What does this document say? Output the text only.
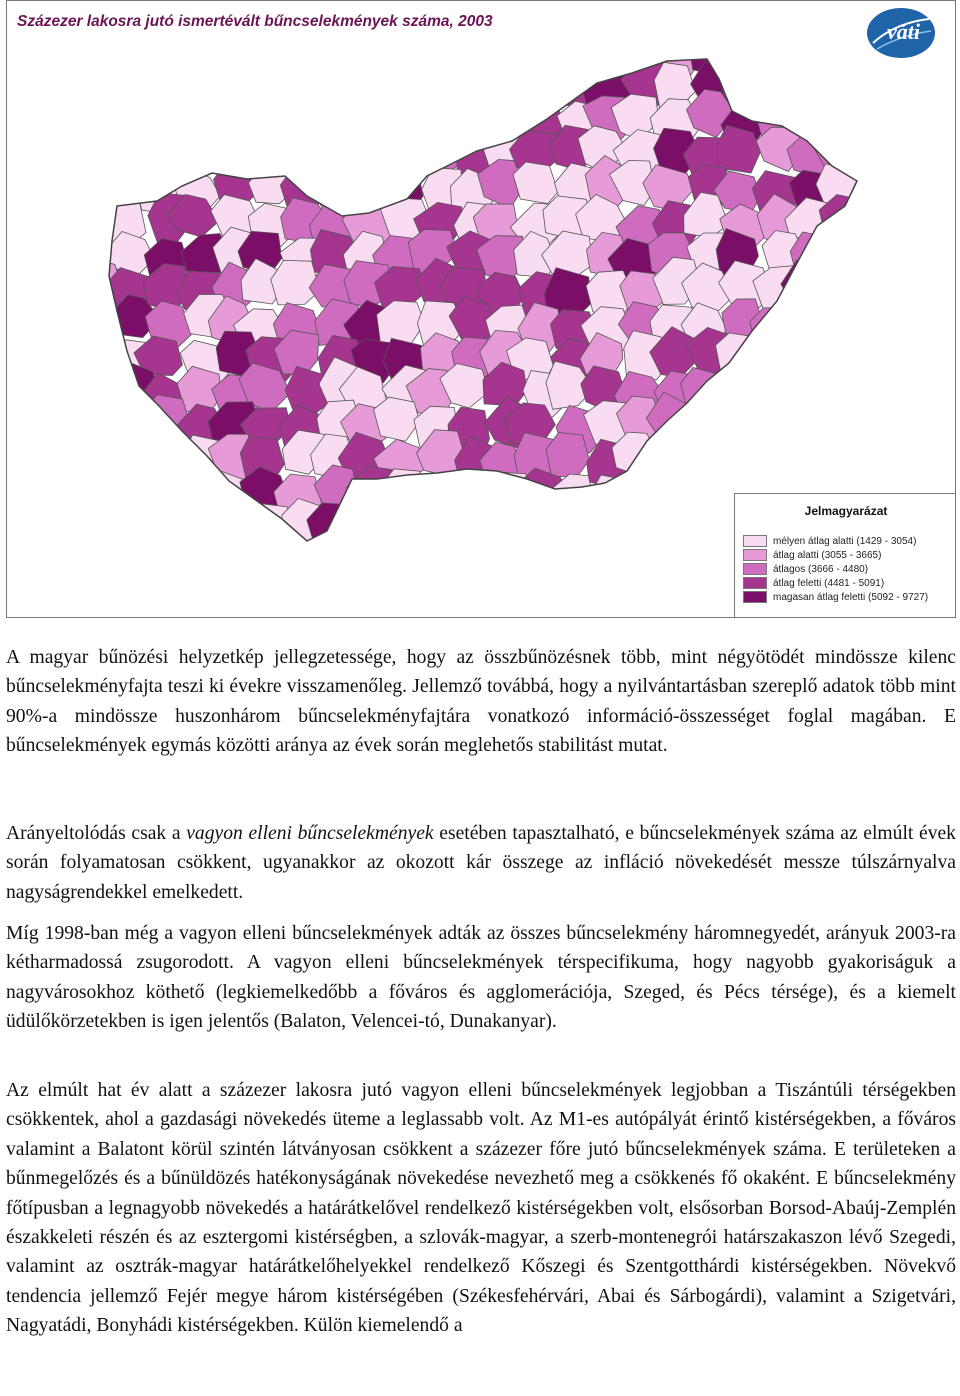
Százezer lakosra jutó ismertévált bűncselekmények száma, 2003	váti
Jelmagyarázat
mélyen átlag alatti (1429 - 3054)
átlag alatti (3055 - 3665)
átlagos (3666 - 4480)
átlag feletti (4481 - 5091)
magasan átlag feletti (5092 - 9727)

A magyar bűnözési helyzetkép jellegzetessége, hogy az összbűnözésnek több, mint négyötödét mindössze kilenc bűncselekményfajta teszi ki évekre visszamenőleg. Jellemző továbbá, hogy a nyilvántartásban szereplő adatok több mint 90%-a mindössze huszonhárom bűncselekményfajtára vonatkozó információ-összességet foglal magában. E bűncselekmények egymás közötti aránya az évek során meglehetős stabilitást mutat.

Arányeltolódás csak a vagyon elleni bűncselekmények esetében tapasztalható, e bűncselekmények száma az elmúlt évek során folyamatosan csökkent, ugyanakkor az okozott kár összege az infláció növekedését messze túlszárnyalva nagyságrendekkel emelkedett.

Míg 1998-ban még a vagyon elleni bűncselekmények adták az összes bűncselekmény háromnegyedét, arányuk 2003-ra kétharmadossá zsugorodott. A vagyon elleni bűncselekmények térspecifikuma, hogy nagyobb gyakoriságuk a nagyvárosokhoz köthető (legkiemelkedőbb a főváros és agglomerációja, Szeged, és Pécs térsége), és a kiemelt üdülőkörzetekben is igen jelentős (Balaton, Velencei-tó, Dunakanyar).

Az elmúlt hat év alatt a százezer lakosra jutó vagyon elleni bűncselekmények legjobban a Tiszántúli térségekben csökkentek, ahol a gazdasági növekedés üteme a leglassabb volt. Az M1-es autópályát érintő kistérségekben, a főváros valamint a Balatont körül szintén látványosan csökkent a százezer főre jutó bűncselekmények száma. E területeken a bűnmegelőzés és a bűnüldözés hatékonyságának növekedése nevezhető meg a csökkenés fő okaként. E bűncselekmény főtípusban a legnagyobb növekedés a határátkelővel rendelkező kistérségekben volt, elsősorban Borsod-Abaúj-Zemplén északkeleti részén és az esztergomi kistérségben, a szlovák-magyar, a szerb-montenegrói határszakaszon lévő Szegedi, valamint az osztrák-magyar határátkelőhelyekkel rendelkező Kőszegi és Szentgotthárdi kistérségekben. Növekvő tendencia jellemző Fejér megye három kistérségében (Székesfehérvári, Abai és Sárbogárdi), valamint a Szigetvári, Nagyatádi, Bonyhádi kistérségekben. Külön kiemelendő a
